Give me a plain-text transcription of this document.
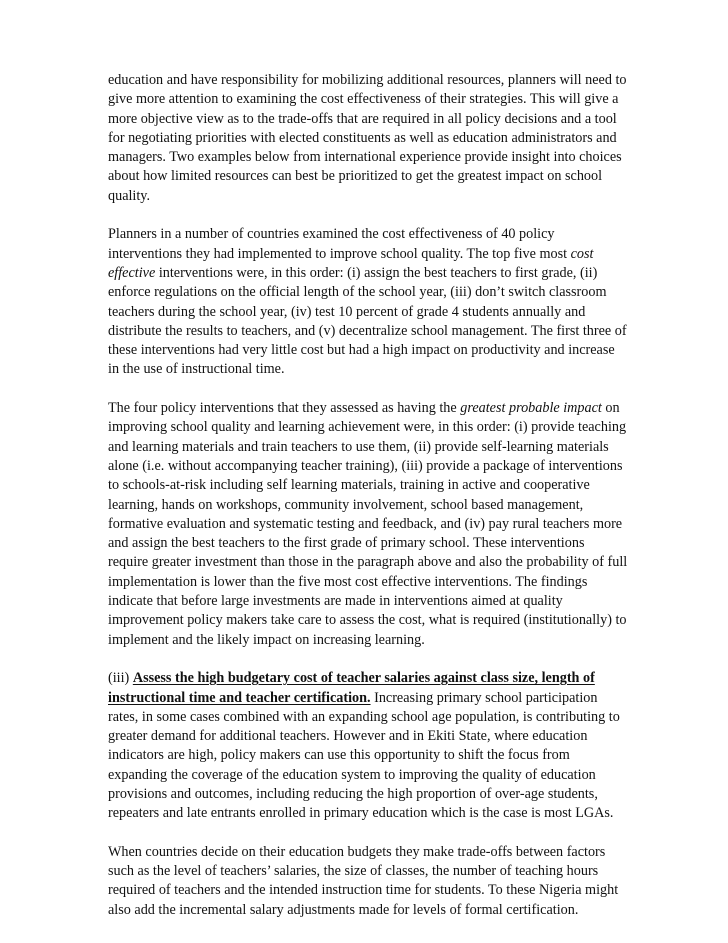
education and have responsibility for mobilizing additional resources, planners will need to give more attention to examining the cost effectiveness of their strategies. This will give a more objective view as to the trade-offs that are required in all policy decisions and a tool for negotiating priorities with elected constituents as well as education administrators and managers. Two examples below from international experience provide insight into choices about how limited resources can best be prioritized to get the greatest impact on school quality.

Planners in a number of countries examined the cost effectiveness of 40 policy interventions they had implemented to improve school quality. The top five most cost effective interventions were, in this order: (i) assign the best teachers to first grade, (ii) enforce regulations on the official length of the school year, (iii) don’t switch classroom teachers during the school year, (iv) test 10 percent of grade 4 students annually and distribute the results to teachers, and (v) decentralize school management. The first three of these interventions had very little cost but had a high impact on productivity and increase in the use of instructional time.

The four policy interventions that they assessed as having the greatest probable impact on improving school quality and learning achievement were, in this order: (i) provide teaching and learning materials and train teachers to use them, (ii) provide self-learning materials alone (i.e. without accompanying teacher training), (iii) provide a package of interventions to schools-at-risk including self learning materials, training in active and cooperative learning, hands on workshops, community involvement, school based management, formative evaluation and systematic testing and feedback, and (iv) pay rural teachers more and assign the best teachers to the first grade of primary school. These interventions require greater investment than those in the paragraph above and also the probability of full implementation is lower than the five most cost effective interventions. The findings indicate that before large investments are made in interventions aimed at quality improvement policy makers take care to assess the cost, what is required (institutionally) to implement and the likely impact on increasing learning.

(iii) Assess the high budgetary cost of teacher salaries against class size, length of instructional time and teacher certification. Increasing primary school participation rates, in some cases combined with an expanding school age population, is contributing to greater demand for additional teachers. However and in Ekiti State, where education indicators are high, policy makers can use this opportunity to shift the focus from expanding the coverage of the education system to improving the quality of education provisions and outcomes, including reducing the high proportion of over-age students, repeaters and late entrants enrolled in primary education which is the case is most LGAs.

When countries decide on their education budgets they make trade-offs between factors such as the level of teachers’ salaries, the size of classes, the number of teaching hours required of teachers and the intended instruction time for students. To these Nigeria might also add the incremental salary adjustments made for levels of formal certification.
